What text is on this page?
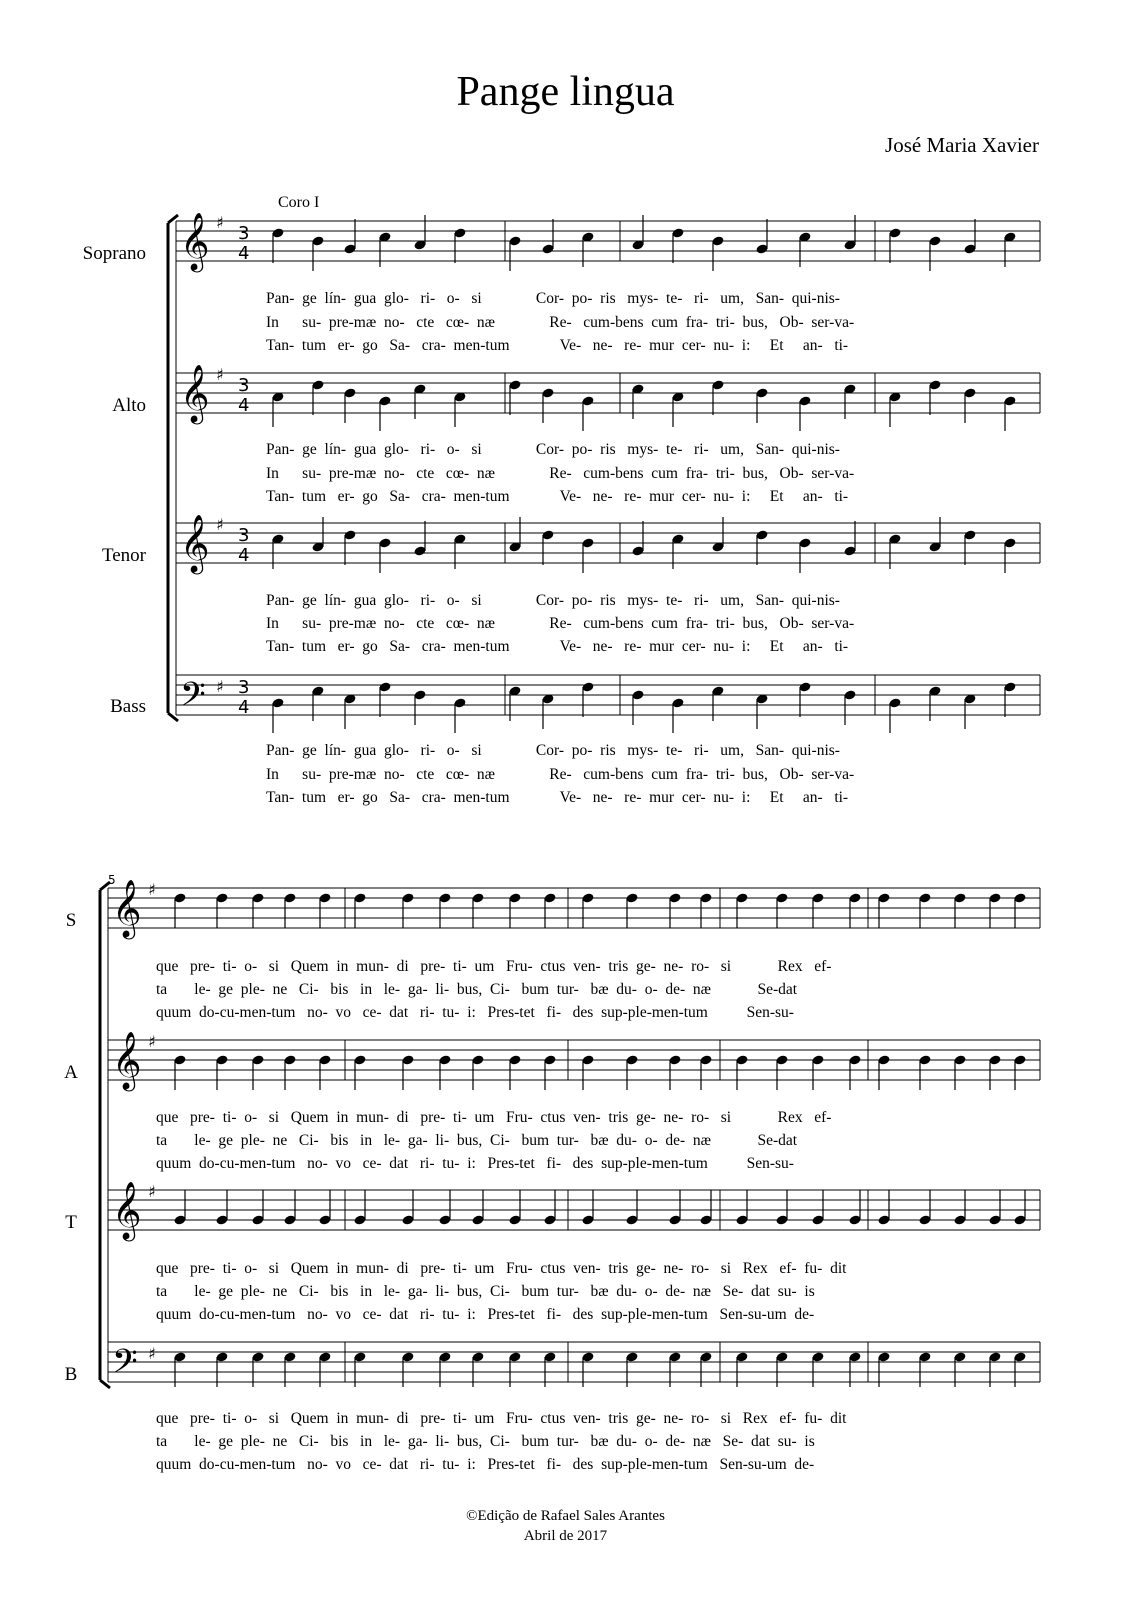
Pange lingua
José Maria Xavier
Coro I
Soprano
Alto
Tenor
Bass
S
A
T
B
Pan-  ge  lín-  gua  glo-   ri-   o-   si              Cor-  po-  ris   mys-  te-   ri-   um,   San-  qui-nis-
In      su-  pre-mæ  no-   cte   cœ-  næ              Re-   cum-bens  cum  fra-  tri-  bus,   Ob-  ser-va-
Tan-  tum   er-  go   Sa-   cra-  men-tum             Ve-   ne-   re-  mur  cer-  nu-  i:     Et     an-   ti-
Pan-  ge  lín-  gua  glo-   ri-   o-   si              Cor-  po-  ris   mys-  te-   ri-   um,   San-  qui-nis-
In      su-  pre-mæ  no-   cte   cœ-  næ              Re-   cum-bens  cum  fra-  tri-  bus,   Ob-  ser-va-
Tan-  tum   er-  go   Sa-   cra-  men-tum             Ve-   ne-   re-  mur  cer-  nu-  i:     Et     an-   ti-
Pan-  ge  lín-  gua  glo-   ri-   o-   si              Cor-  po-  ris   mys-  te-   ri-   um,   San-  qui-nis-
In      su-  pre-mæ  no-   cte   cœ-  næ              Re-   cum-bens  cum  fra-  tri-  bus,   Ob-  ser-va-
Tan-  tum   er-  go   Sa-   cra-  men-tum             Ve-   ne-   re-  mur  cer-  nu-  i:     Et     an-   ti-
Pan-  ge  lín-  gua  glo-   ri-   o-   si              Cor-  po-  ris   mys-  te-   ri-   um,   San-  qui-nis-
In      su-  pre-mæ  no-   cte   cœ-  næ              Re-   cum-bens  cum  fra-  tri-  bus,   Ob-  ser-va-
Tan-  tum   er-  go   Sa-   cra-  men-tum             Ve-   ne-   re-  mur  cer-  nu-  i:     Et     an-   ti-
que   pre-  ti-  o-   si   Quem  in  mun-  di   pre-  ti-  um   Fru-  ctus  ven-  tris  ge-  ne-  ro-   si            Rex   ef-
ta       le-  ge  ple-  ne   Ci-   bis   in   le-  ga-  li-  bus,  Ci-   bum  tur-   bæ  du-  o-  de-  næ            Se-dat
quum  do-cu-men-tum   no-  vo   ce-  dat   ri-  tu-  i:   Pres-tet   fi-   des  sup-ple-men-tum          Sen-su-
que   pre-  ti-  o-   si   Quem  in  mun-  di   pre-  ti-  um   Fru-  ctus  ven-  tris  ge-  ne-  ro-   si            Rex   ef-
ta       le-  ge  ple-  ne   Ci-   bis   in   le-  ga-  li-  bus,  Ci-   bum  tur-   bæ  du-  o-  de-  næ            Se-dat
quum  do-cu-men-tum   no-  vo   ce-  dat   ri-  tu-  i:   Pres-tet   fi-   des  sup-ple-men-tum          Sen-su-
que   pre-  ti-  o-   si   Quem  in  mun-  di   pre-  ti-  um   Fru-  ctus  ven-  tris  ge-  ne-  ro-   si   Rex   ef-  fu-  dit
ta       le-  ge  ple-  ne   Ci-   bis   in   le-  ga-  li-  bus,  Ci-   bum  tur-   bæ  du-  o-  de-  næ   Se-  dat  su-  is
quum  do-cu-men-tum   no-  vo   ce-  dat   ri-  tu-  i:   Pres-tet   fi-   des  sup-ple-men-tum   Sen-su-um  de-
que   pre-  ti-  o-   si   Quem  in  mun-  di   pre-  ti-  um   Fru-  ctus  ven-  tris  ge-  ne-  ro-   si   Rex   ef-  fu-  dit
ta       le-  ge  ple-  ne   Ci-   bis   in   le-  ga-  li-  bus,  Ci-   bum  tur-   bæ  du-  o-  de-  næ   Se-  dat  su-  is
quum  do-cu-men-tum   no-  vo   ce-  dat   ri-  tu-  i:   Pres-tet   fi-   des  sup-ple-men-tum   Sen-su-um  de-
©Edição de Rafael Sales Arantes
Abril de 2017
𝄞 ♯
3
4
𝄞 ♯
3
4
𝄞 ♯
3
4
𝄢 ♯ 3
4
5
𝄞 ♯
𝄞 ♯
𝄞 ♯
𝄢 ♯
